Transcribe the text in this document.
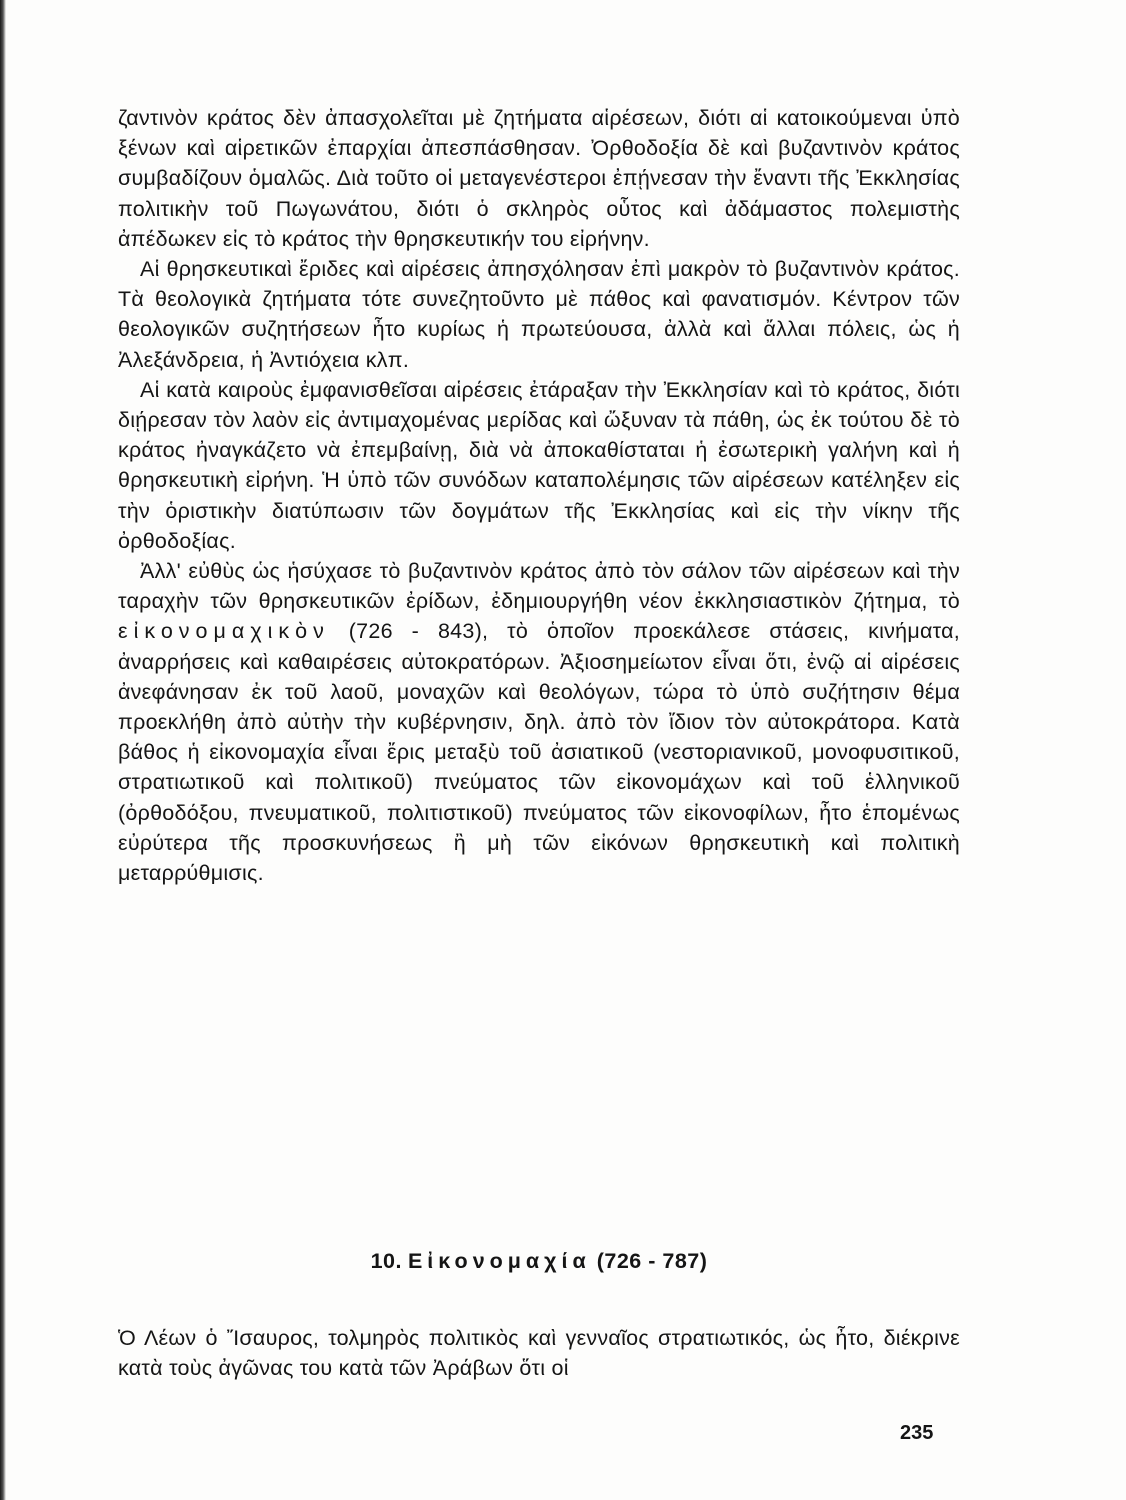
ζαντινὸν κράτος δὲν ἀπασχολεῖται μὲ ζητήματα αἱρέσεων, διότι αἱ κατοικούμεναι ὑπὸ ξένων καὶ αἱρετικῶν ἐπαρχίαι ἀπεσπάσθησαν. Ὀρθοδοξία δὲ καὶ βυζαντινὸν κράτος συμβαδίζουν ὁμαλῶς. Διὰ τοῦτο οἱ μεταγενέστεροι ἐπῄνεσαν τὴν ἔναντι τῆς Ἐκκλησίας πολιτικὴν τοῦ Πωγωνάτου, διότι ὁ σκληρὸς οὗτος καὶ ἀδάμαστος πολεμιστὴς ἀπέδωκεν εἰς τὸ κράτος τὴν θρησκευτικήν του εἰρήνην.

Αἱ θρησκευτικαὶ ἔριδες καὶ αἱρέσεις ἀπησχόλησαν ἐπὶ μακρὸν τὸ βυζαντινὸν κράτος. Τὰ θεολογικὰ ζητήματα τότε συνεζητοῦντο μὲ πάθος καὶ φανατισμόν. Κέντρον τῶν θεολογικῶν συζητήσεων ἦτο κυρίως ἡ πρωτεύουσα, ἀλλὰ καὶ ἄλλαι πόλεις, ὡς ἡ Ἀλεξάνδρεια, ἡ Ἀντιόχεια κλπ.

Αἱ κατὰ καιροὺς ἐμφανισθεῖσαι αἱρέσεις ἐτάραξαν τὴν Ἐκκλησίαν καὶ τὸ κράτος, διότι διῄρεσαν τὸν λαὸν εἰς ἀντιμαχομένας μερίδας καὶ ὤξυναν τὰ πάθη, ὡς ἐκ τούτου δὲ τὸ κράτος ἠναγκάζετο νὰ ἐπεμβαίνῃ, διὰ νὰ ἀποκαθίσταται ἡ ἐσωτερικὴ γαλήνη καὶ ἡ θρησκευτικὴ εἰρήνη. Ἡ ὑπὸ τῶν συνόδων καταπολέμησις τῶν αἱρέσεων κατέληξεν εἰς τὴν ὁριστικὴν διατύπωσιν τῶν δογμάτων τῆς Ἐκκλησίας καὶ εἰς τὴν νίκην τῆς ὀρθοδοξίας.

Ἀλλ' εὐθὺς ὡς ἡσύχασε τὸ βυζαντινὸν κράτος ἀπὸ τὸν σάλον τῶν αἱρέσεων καὶ τὴν ταραχὴν τῶν θρησκευτικῶν ἐρίδων, ἐδημιουργήθη νέον ἐκκλησιαστικὸν ζήτημα, τὸ εἰκονομαχικὸν (726 - 843), τὸ ὁποῖον προεκάλεσε στάσεις, κινήματα, ἀναρρήσεις καὶ καθαιρέσεις αὐτοκρατόρων. Ἀξιοσημείωτον εἶναι ὅτι, ἐνῷ αἱ αἱρέσεις ἀνεφάνησαν ἐκ τοῦ λαοῦ, μοναχῶν καὶ θεολόγων, τώρα τὸ ὑπὸ συζήτησιν θέμα προεκλήθη ἀπὸ αὐτὴν τὴν κυβέρνησιν, δηλ. ἀπὸ τὸν ἴδιον τὸν αὐτοκράτορα. Κατὰ βάθος ἡ εἰκονομαχία εἶναι ἔρις μεταξὺ τοῦ ἀσιατικοῦ (νεστοριανικοῦ, μονοφυσιτικοῦ, στρατιωτικοῦ καὶ πολιτικοῦ) πνεύματος τῶν εἰκονομάχων καὶ τοῦ ἑλληνικοῦ (ὀρθοδόξου, πνευματικοῦ, πολιτιστικοῦ) πνεύματος τῶν εἰκονοφίλων, ἦτο ἑπομένως εὐρύτερα τῆς προσκυνήσεως ἢ μὴ τῶν εἰκόνων θρησκευτικὴ καὶ πολιτικὴ μεταρρύθμισις.

10. Εἰκονομαχία (726 - 787)

Ὁ Λέων ὁ Ἴσαυρος, τολμηρὸς πολιτικὸς καὶ γενναῖος στρατιωτικός, ὡς ἦτο, διέκρινε κατὰ τοὺς ἀγῶνας του κατὰ τῶν Ἀράβων ὅτι οἱ

235
